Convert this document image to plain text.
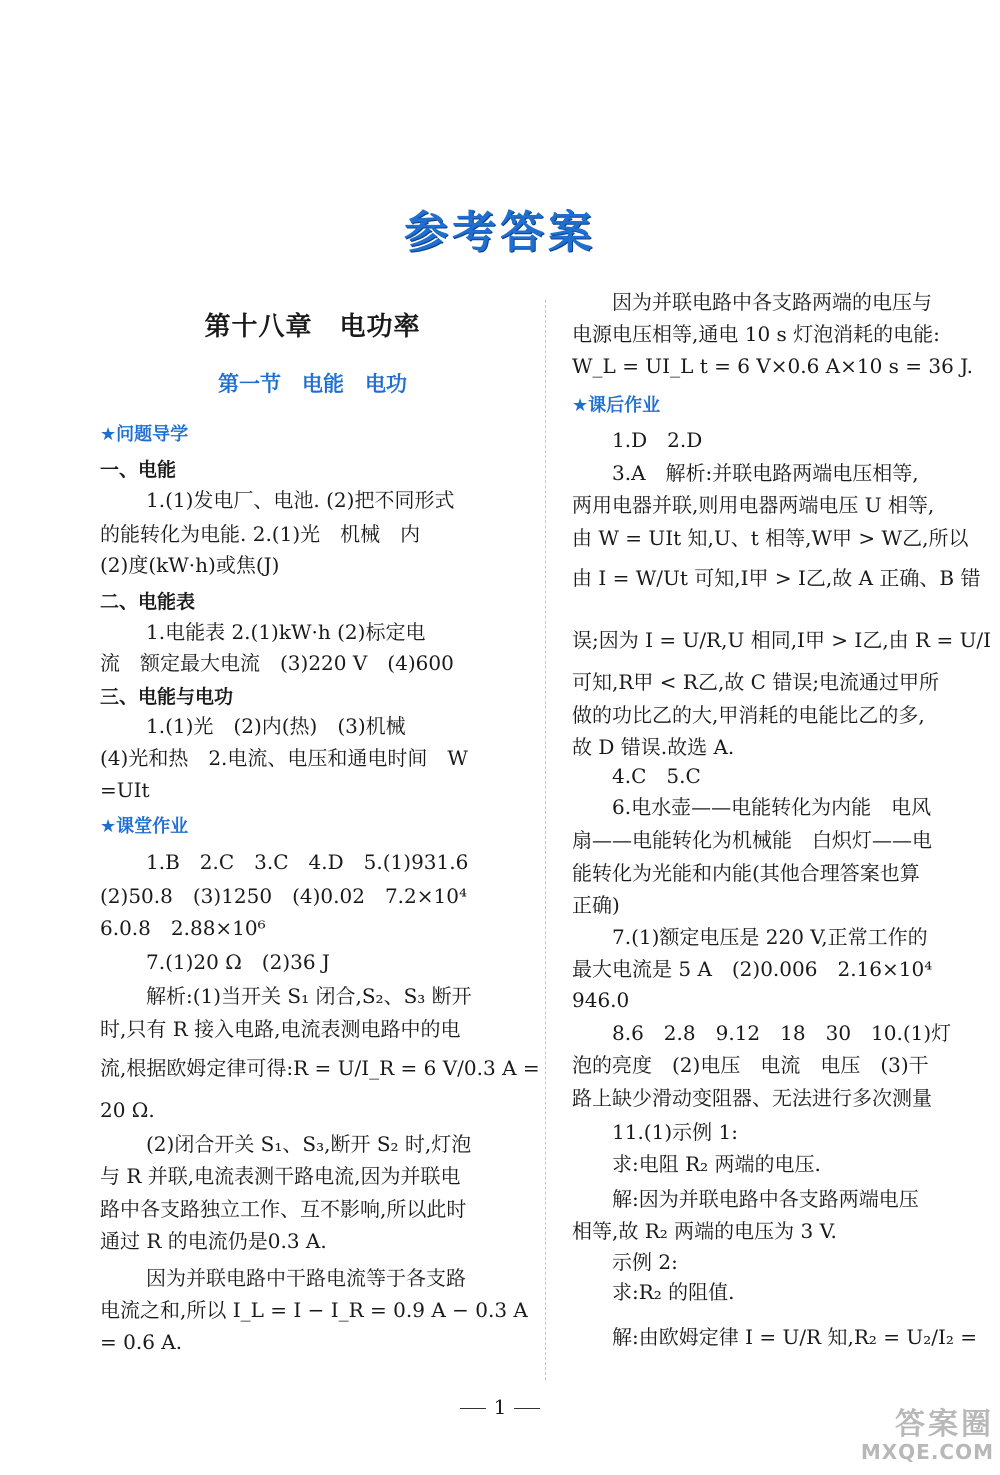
参考答案
第十八章　电功率
第一节　电能　电功
★问题导学
一、电能
1.(1)发电厂、电池. (2)把不同形式
的能转化为电能. 2.(1)光　机械　内
(2)度(kW·h)或焦(J)
二、电能表
1.电能表 2.(1)kW·h (2)标定电
流　额定最大电流　(3)220 V　(4)600
三、电能与电功
1.(1)光　(2)内(热)　(3)机械
(4)光和热　2.电流、电压和通电时间　W
=UIt
★课堂作业
1.B　2.C　3.C　4.D　5.(1)931.6
(2)50.8　(3)1250　(4)0.02　7.2×10⁴
6.0.8　2.88×10⁶
7.(1)20 Ω　(2)36 J
解析:(1)当开关 S₁ 闭合,S₂、S₃ 断开
时,只有 R 接入电路,电流表测电路中的电
流,根据欧姆定律可得:R = U/I_R = 6 V/0.3 A =
20 Ω.
(2)闭合开关 S₁、S₃,断开 S₂ 时,灯泡
与 R 并联,电流表测干路电流,因为并联电
路中各支路独立工作、互不影响,所以此时
通过 R 的电流仍是0.3 A.
因为并联电路中干路电流等于各支路
电流之和,所以 I_L = I − I_R = 0.9 A − 0.3 A
= 0.6 A.
因为并联电路中各支路两端的电压与
电源电压相等,通电 10 s 灯泡消耗的电能:
W_L = UI_L t = 6 V×0.6 A×10 s = 36 J.
★课后作业
1.D　2.D
3.A　解析:并联电路两端电压相等,
两用电器并联,则用电器两端电压 U 相等,
由 W = UIt 知,U、t 相等,W甲 > W乙,所以
由 I = W/Ut 可知,I甲 > I乙,故 A 正确、B 错
误;因为 I = U/R,U 相同,I甲 > I乙,由 R = U/I
可知,R甲 < R乙,故 C 错误;电流通过甲所
做的功比乙的大,甲消耗的电能比乙的多,
故 D 错误.故选 A.
4.C　5.C
6.电水壶——电能转化为内能　电风
扇——电能转化为机械能　白炽灯——电
能转化为光能和内能(其他合理答案也算
正确)
7.(1)额定电压是 220 V,正常工作的
最大电流是 5 A　(2)0.006　2.16×10⁴
946.0
8.6　2.8　9.12　18　30　10.(1)灯
泡的亮度　(2)电压　电流　电压　(3)干
路上缺少滑动变阻器、无法进行多次测量
11.(1)示例 1:
求:电阻 R₂ 两端的电压.
解:因为并联电路中各支路两端电压
相等,故 R₂ 两端的电压为 3 V.
示例 2:
求:R₂ 的阻值.
解:由欧姆定律 I = U/R 知,R₂ = U₂/I₂ =
1	答案圈
MXQE.COM
